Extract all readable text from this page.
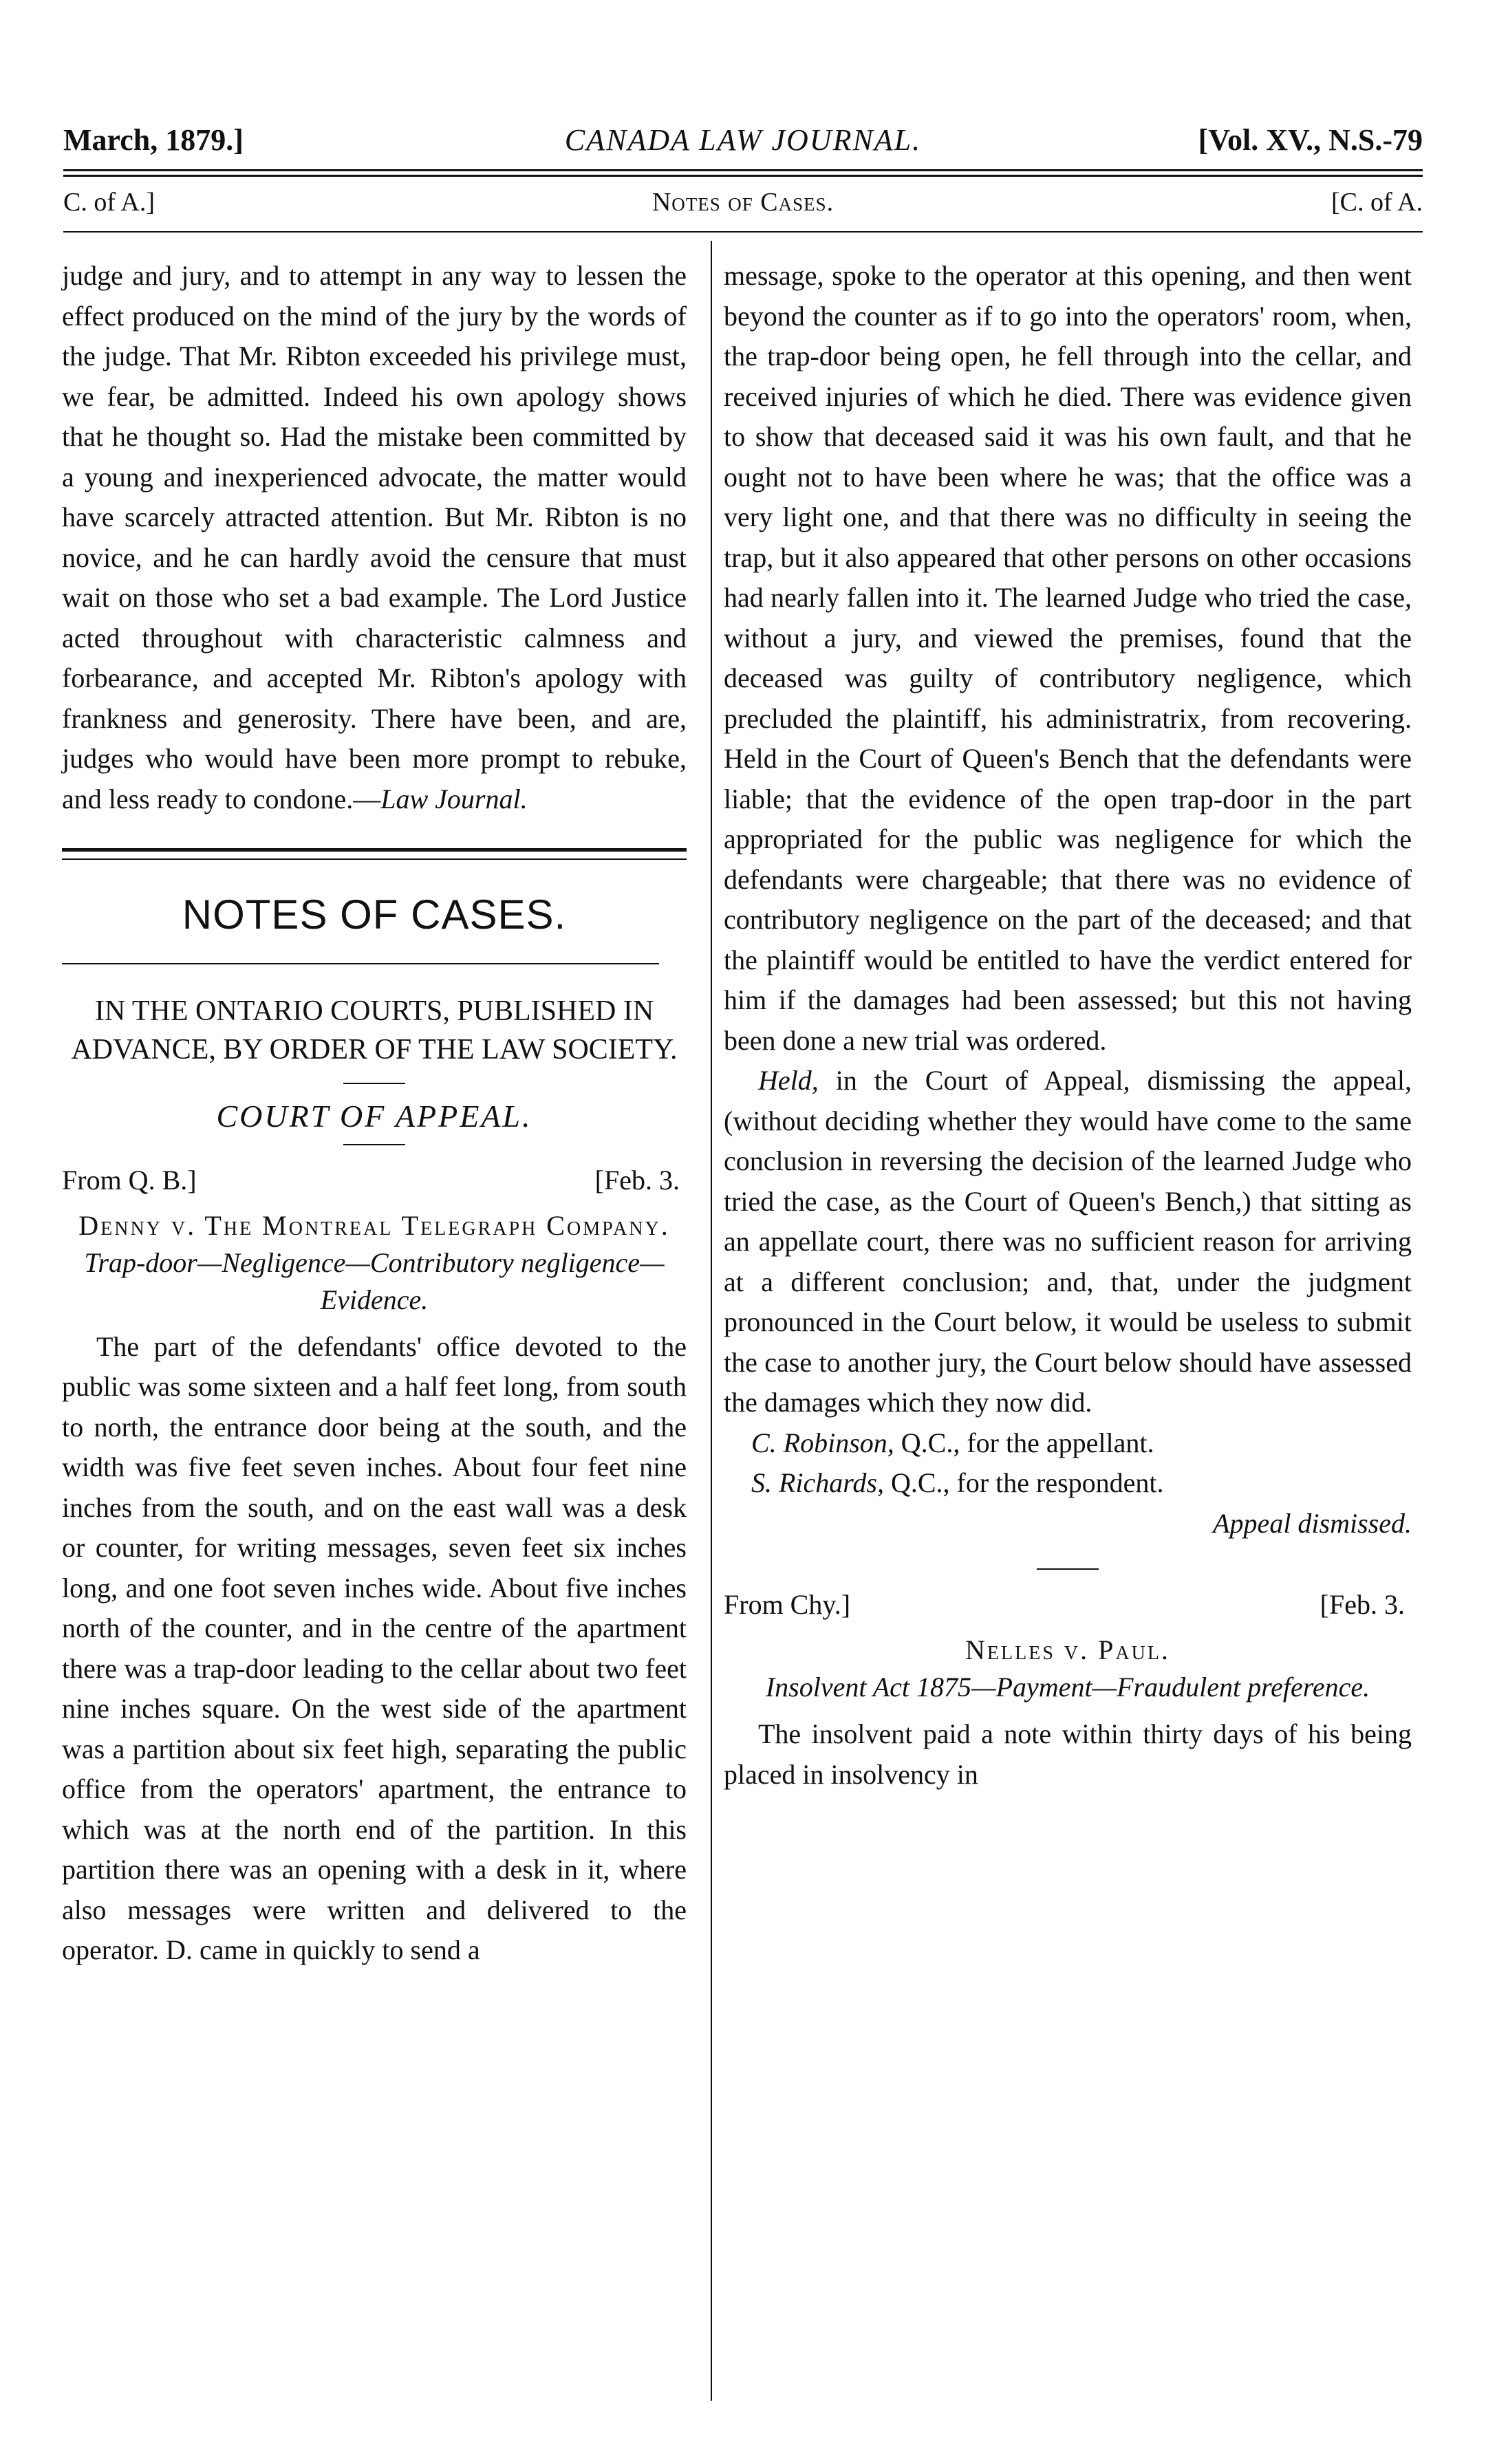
March, 1879.]	CANADA LAW JOURNAL.	[Vol. XV., N.S.-79
C. of A.]	Notes of Cases.	[C. of A.

judge and jury, and to attempt in any way to lessen the effect produced on the mind of the jury by the words of the judge. That Mr. Ribton exceeded his privilege must, we fear, be admitted. Indeed his own apology shows that he thought so. Had the mistake been committed by a young and inexperienced advocate, the matter would have scarcely attracted attention. But Mr. Ribton is no novice, and he can hardly avoid the censure that must wait on those who set a bad example. The Lord Justice acted throughout with characteristic calmness and forbearance, and accepted Mr. Ribton's apology with frankness and generosity. There have been, and are, judges who would have been more prompt to rebuke, and less ready to condone.—Law Journal.

NOTES OF CASES.
IN THE ONTARIO COURTS, PUBLISHED IN ADVANCE, BY ORDER OF THE LAW SOCIETY.
COURT OF APPEAL.
From Q. B.]	[Feb. 3.
Denny v. The Montreal Telegraph Company.
Trap-door—Negligence—Contributory negligence—Evidence.

The part of the defendants' office devoted to the public was some sixteen and a half feet long, from south to north, the entrance door being at the south, and the width was five feet seven inches. About four feet nine inches from the south, and on the east wall was a desk or counter, for writing messages, seven feet six inches long, and one foot seven inches wide. About five inches north of the counter, and in the centre of the apartment there was a trap-door leading to the cellar about two feet nine inches square. On the west side of the apartment was a partition about six feet high, separating the public office from the operators' apartment, the entrance to which was at the north end of the partition. In this partition there was an opening with a desk in it, where also messages were written and delivered to the operator. D. came in quickly to send a

message, spoke to the operator at this opening, and then went beyond the counter as if to go into the operators' room, when, the trap-door being open, he fell through into the cellar, and received injuries of which he died. There was evidence given to show that deceased said it was his own fault, and that he ought not to have been where he was; that the office was a very light one, and that there was no difficulty in seeing the trap, but it also appeared that other persons on other occasions had nearly fallen into it. The learned Judge who tried the case, without a jury, and viewed the premises, found that the deceased was guilty of contributory negligence, which precluded the plaintiff, his administratrix, from recovering. Held in the Court of Queen's Bench that the defendants were liable; that the evidence of the open trap-door in the part appropriated for the public was negligence for which the defendants were chargeable; that there was no evidence of contributory negligence on the part of the deceased; and that the plaintiff would be entitled to have the verdict entered for him if the damages had been assessed; but this not having been done a new trial was ordered.

Held, in the Court of Appeal, dismissing the appeal, (without deciding whether they would have come to the same conclusion in reversing the decision of the learned Judge who tried the case, as the Court of Queen's Bench,) that sitting as an appellate court, there was no sufficient reason for arriving at a different conclusion; and, that, under the judgment pronounced in the Court below, it would be useless to submit the case to another jury, the Court below should have assessed the damages which they now did.

C. Robinson, Q.C., for the appellant.

S. Richards, Q.C., for the respondent.

Appeal dismissed.

From Chy.]	[Feb. 3.
Nelles v. Paul.
Insolvent Act 1875—Payment—Fraudulent preference.

The insolvent paid a note within thirty days of his being placed in insolvency in
